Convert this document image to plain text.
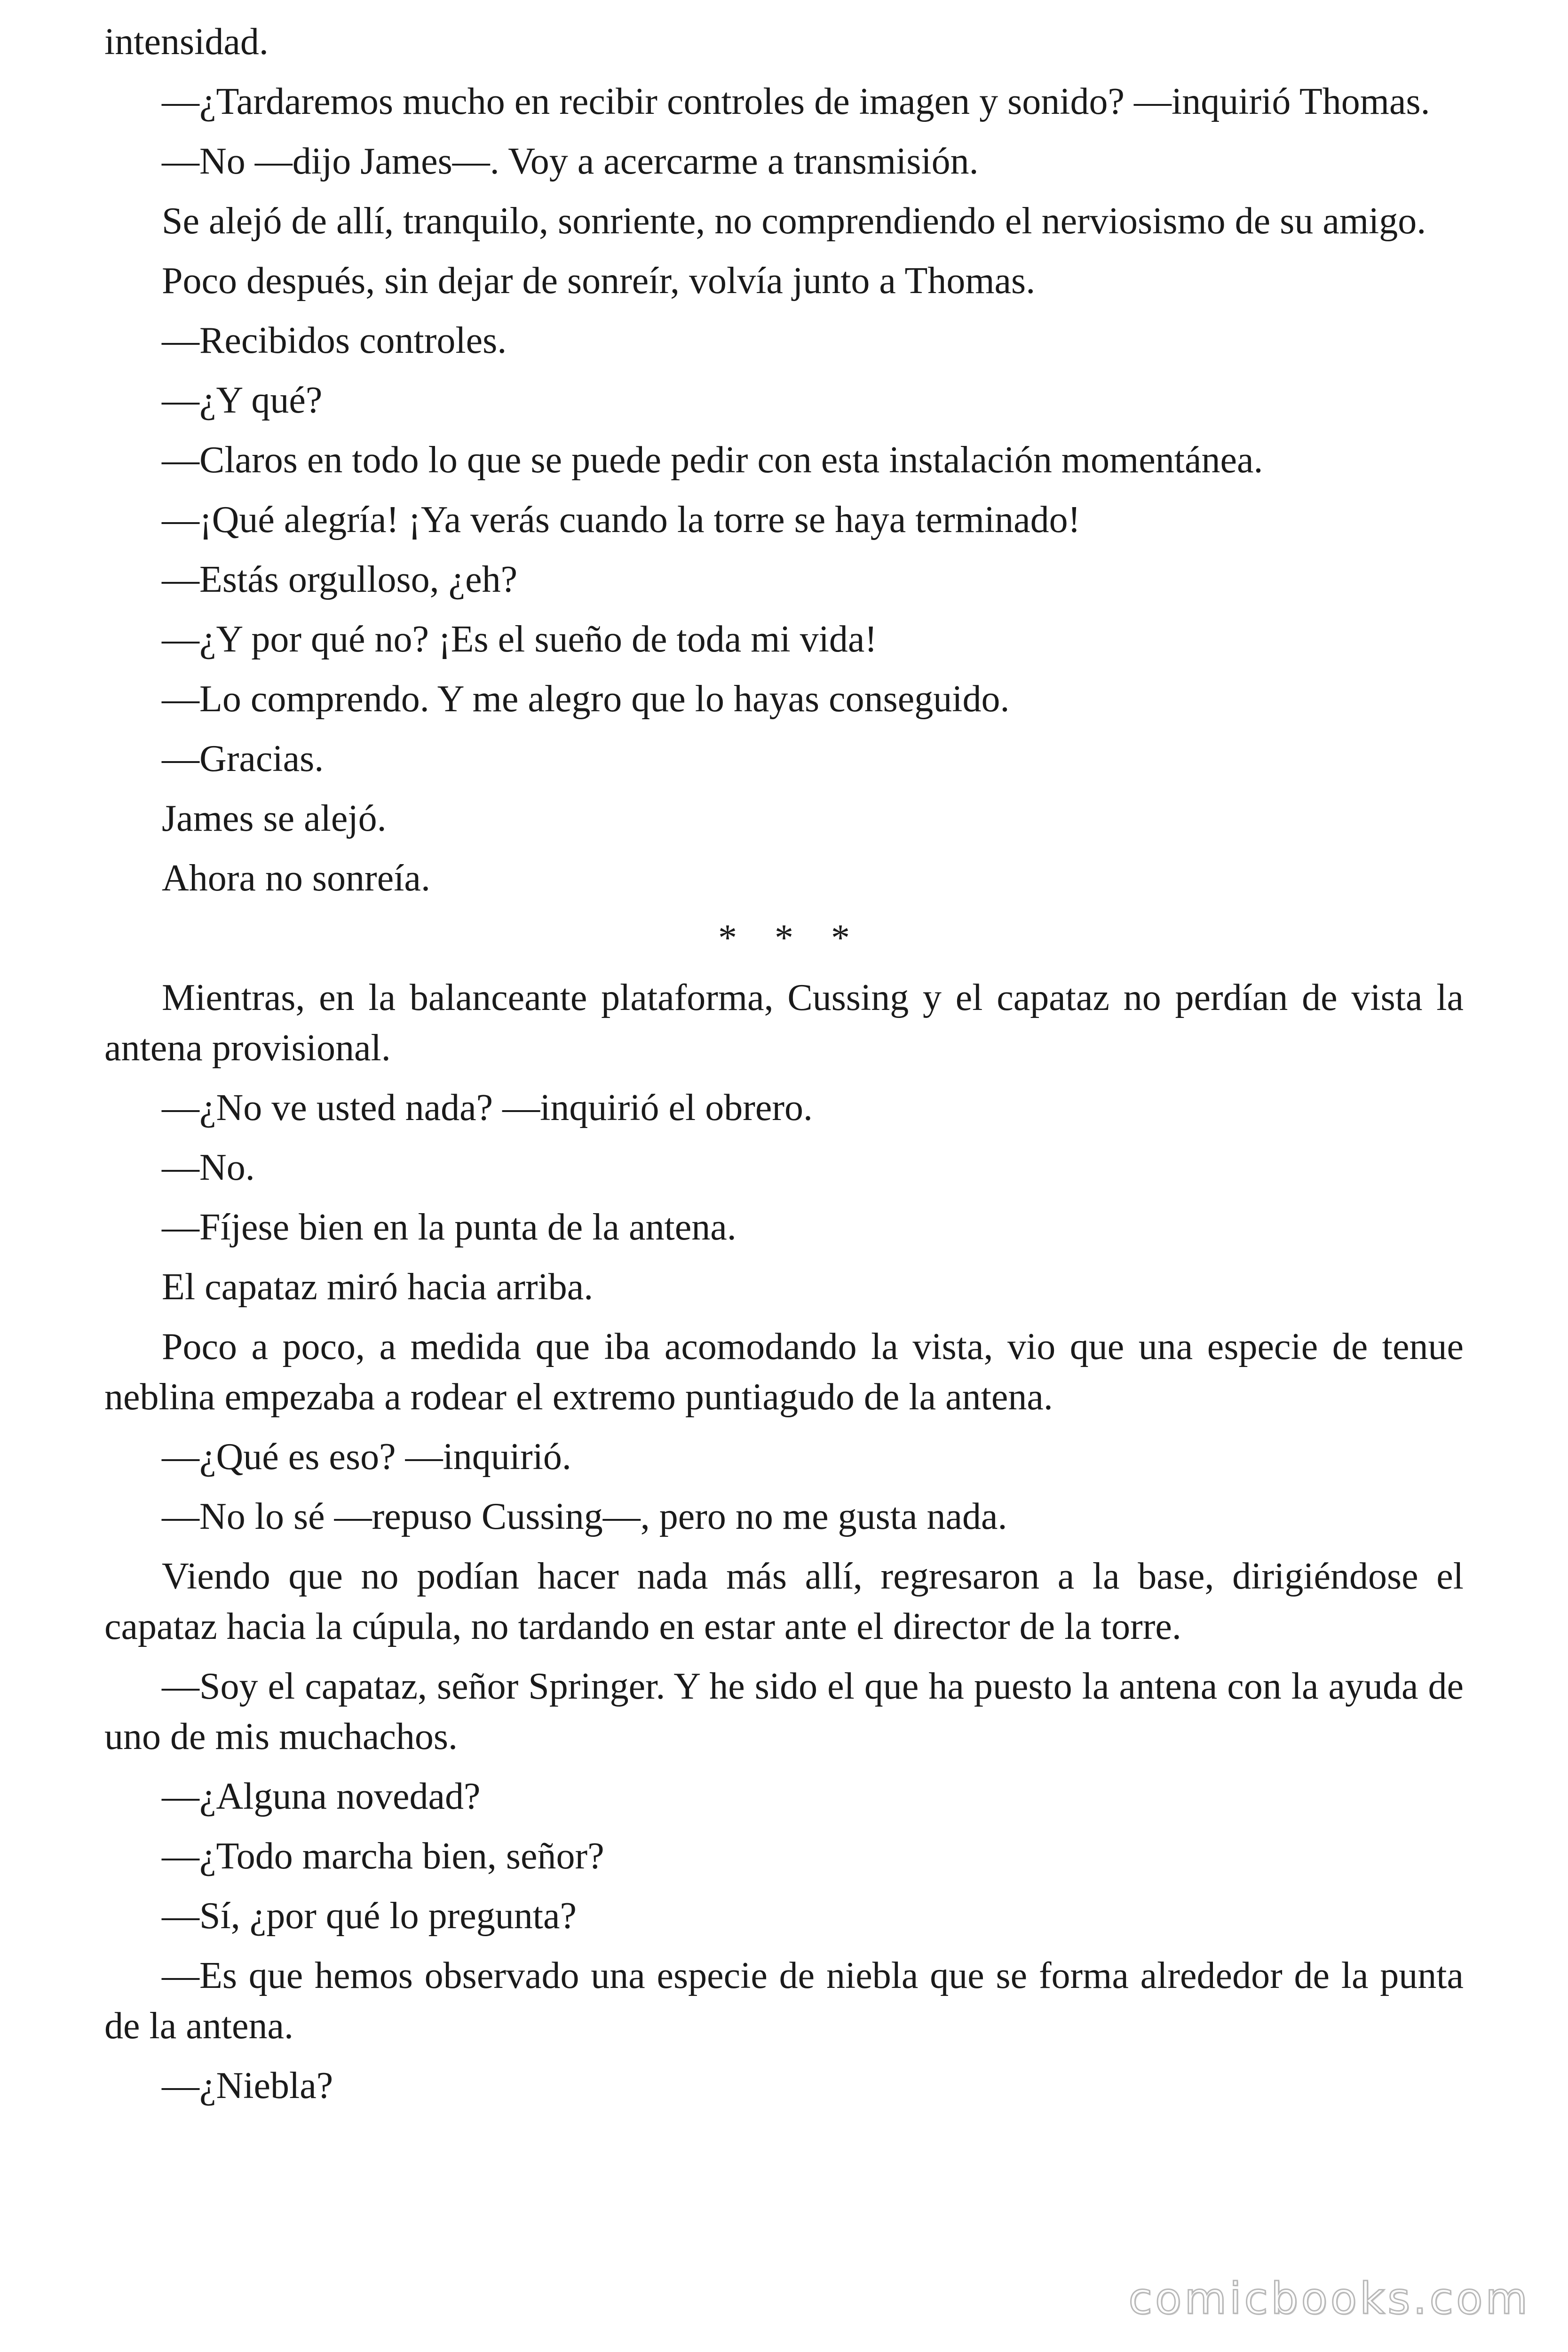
intensidad.

—¿Tardaremos mucho en recibir controles de imagen y sonido? —inquirió Thomas.

—No —dijo James—. Voy a acercarme a transmisión.

Se alejó de allí, tranquilo, sonriente, no comprendiendo el nerviosismo de su amigo.

Poco después, sin dejar de sonreír, volvía junto a Thomas.

—Recibidos controles.

—¿Y qué?

—Claros en todo lo que se puede pedir con esta instalación momentánea.

—¡Qué alegría! ¡Ya verás cuando la torre se haya terminado!

—Estás orgulloso, ¿eh?

—¿Y por qué no? ¡Es el sueño de toda mi vida!

—Lo comprendo. Y me alegro que lo hayas conseguido.

—Gracias.

James se alejó.

Ahora no sonreía.

* * *

Mientras, en la balanceante plataforma, Cussing y el capataz no perdían de vista la antena provisional.

—¿No ve usted nada? —inquirió el obrero.

—No.

—Fíjese bien en la punta de la antena.

El capataz miró hacia arriba.

Poco a poco, a medida que iba acomodando la vista, vio que una especie de tenue neblina empezaba a rodear el extremo puntiagudo de la antena.

—¿Qué es eso? —inquirió.

—No lo sé —repuso Cussing—, pero no me gusta nada.

Viendo que no podían hacer nada más allí, regresaron a la base, dirigiéndose el capataz hacia la cúpula, no tardando en estar ante el director de la torre.

—Soy el capataz, señor Springer. Y he sido el que ha puesto la antena con la ayuda de uno de mis muchachos.

—¿Alguna novedad?

—¿Todo marcha bien, señor?

—Sí, ¿por qué lo pregunta?

—Es que hemos observado una especie de niebla que se forma alrededor de la punta de la antena.

—¿Niebla?

comicbooks.com
